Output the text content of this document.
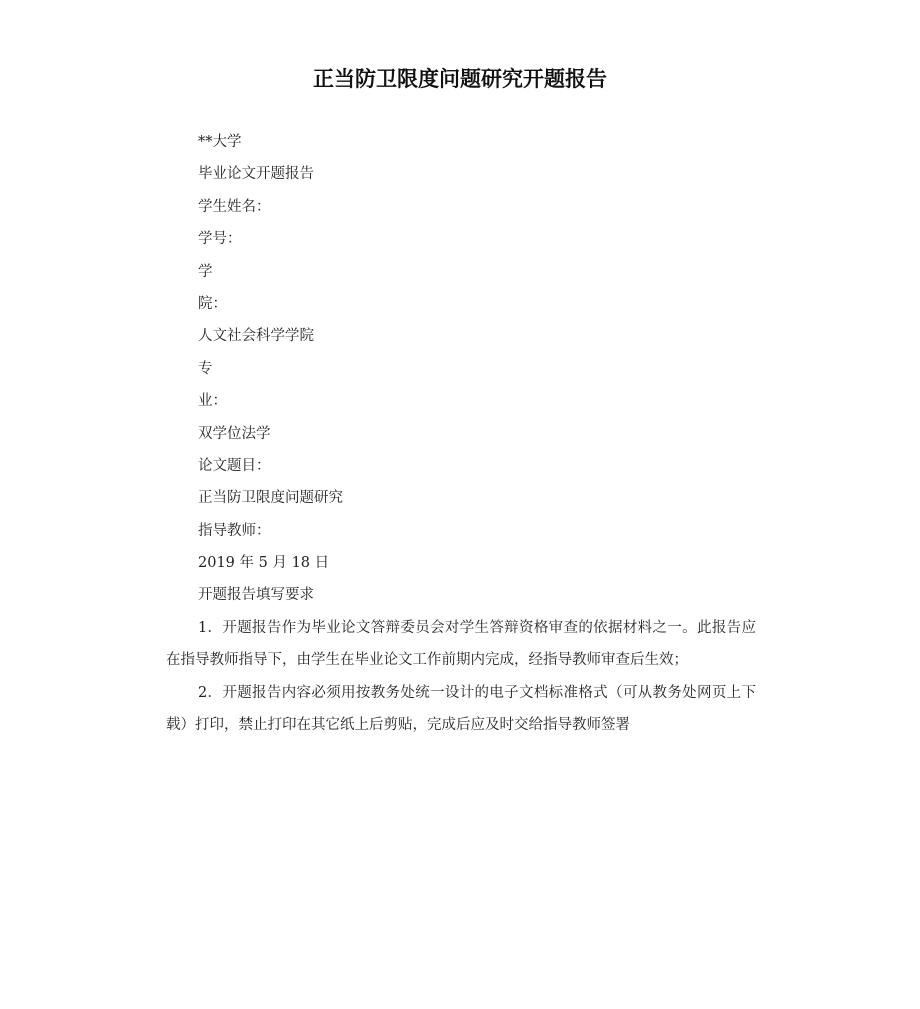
正当防卫限度问题研究开题报告
**大学
毕业论文开题报告
学生姓名：
学号：
学
院：
人文社会科学学院
专
业：
双学位法学
论文题目：
正当防卫限度问题研究
指导教师：
2019 年 5 月 18 日
开题报告填写要求

1．开题报告作为毕业论文答辩委员会对学生答辩资格审查的依据材料之一。此报告应在指导教师指导下，由学生在毕业论文工作前期内完成，经指导教师审查后生效；

2．开题报告内容必须用按教务处统一设计的电子文档标准格式（可从教务处网页上下载）打印，禁止打印在其它纸上后剪贴，完成后应及时交给指导教师签署
